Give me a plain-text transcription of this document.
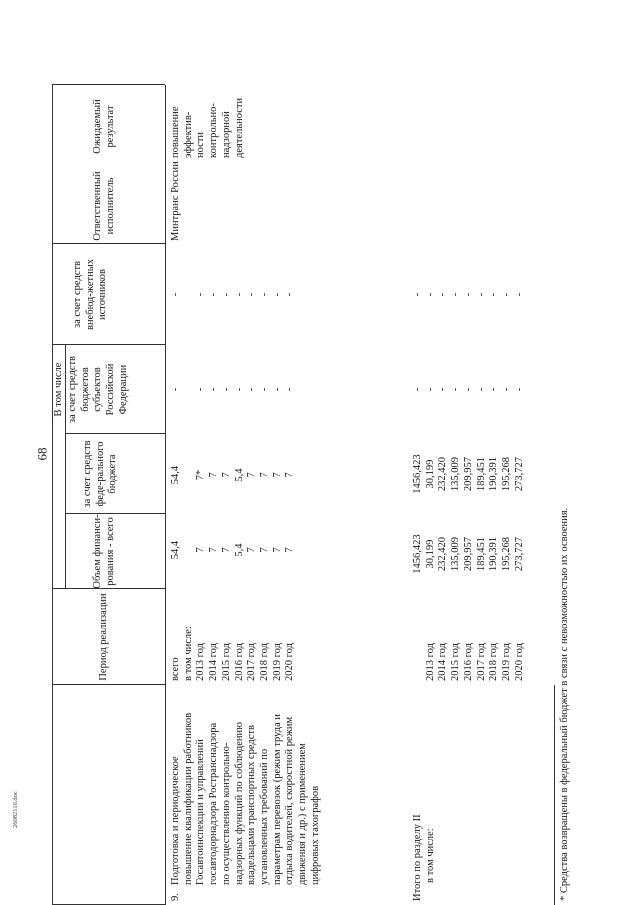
68
26082110.doc
Период реализации
Объем финанси-рования - всего
В том числе
за счет средств феде-рального бюджета
за счет средств бюджетов субъектов Российской Федерации
за счет средств внебюд-жетных источников
Ответственный исполнитель
Ожидаемый результат
9.
Подготовка и периодическое повышение квалификации работников Госавтоинспекции и управлений госавтодорнадзора Ространснадзора по осуществлению контрольно- надзорных функций по соблюдению владельцами транспортных средств установленных требований по параметрам перевозок (режим труда и отдыха водителей, скоростной режим движения и др.) с применением цифровых тахографов
всего в том числе: 2013 год 2014 год 2015 год 2016 год 2017 год 2018 год 2019 год 2020 год
54,4
7 7 7 5,4 7 7 7 7
54,4
7* 7 7 5,4 7 7 7 7
-
- - - - - - - -
-
- - - - - - - -
Минтранс России
повышение эффектив- ности контрольно- надзорной деятельности
Итого по разделу II в том числе:

2013 год 2014 год 2015 год 2016 год 2017 год 2018 год 2019 год 2020 год
1456,423 30,199 232,420 135,009 209,957 189,451 190,391 195,268 273,727
1456,423 30,199 232,420 135,009 209,957 189,451 190,391 195,268 273,727
- - - - - - - - -
- - - - - - - - -
* Средства возвращены в федеральный бюджет в связи с невозможностью их освоения.
